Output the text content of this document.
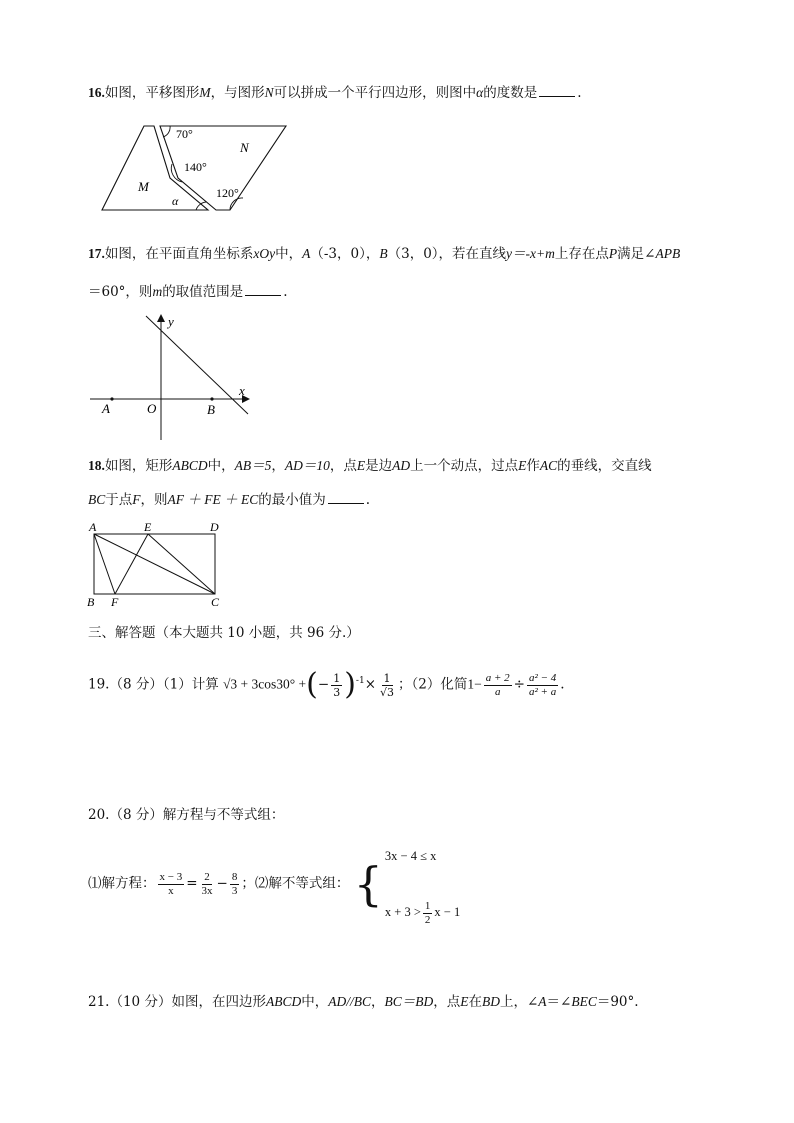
16.如图，平移图形M，与图形N可以拼成一个平行四边形，则图中α的度数是	.
70°
140°
120°
N
M
α
17.如图，在平面直角坐标系xOy中，A（-3，0），B（3，0），若在直线y＝-x+m上存在点P满足∠APB
＝60°，则m的取值范围是	.
y
x
A	O	B
18.如图，矩形ABCD中，AB＝5，AD＝10，点E是边AD上一个动点，过点E作AC的垂线，交直线
BC于点F，则AF ＋ FE ＋ EC的最小值为	.
A	E	D
B F	C
三、解答题（本大题共 10 小题，共 96 分.）
19.（8 分）（1）计算 √3 + 3cos30° +(− $\frac{1}{3} )^{-1}\times \frac{1}{√3}$ ；（2）化简$1- \frac{a + 2}{a} \div \frac{\text{a² − 4}}{\text{a² + a}}$ .
20.（8 分）解方程与不等式组：
⑴解方程： $\frac{x - 3}{x} = \frac{2}{3x} - \frac{8}{3}$ ；⑵解不等式组： {
3x − 4 ≤ x
$x + 3 > \frac{1}{2}$ x − 1
21.（10 分）如图，在四边形ABCD中，AD//BC，BC＝BD，点E在BD上，∠A＝∠BEC＝90°.
